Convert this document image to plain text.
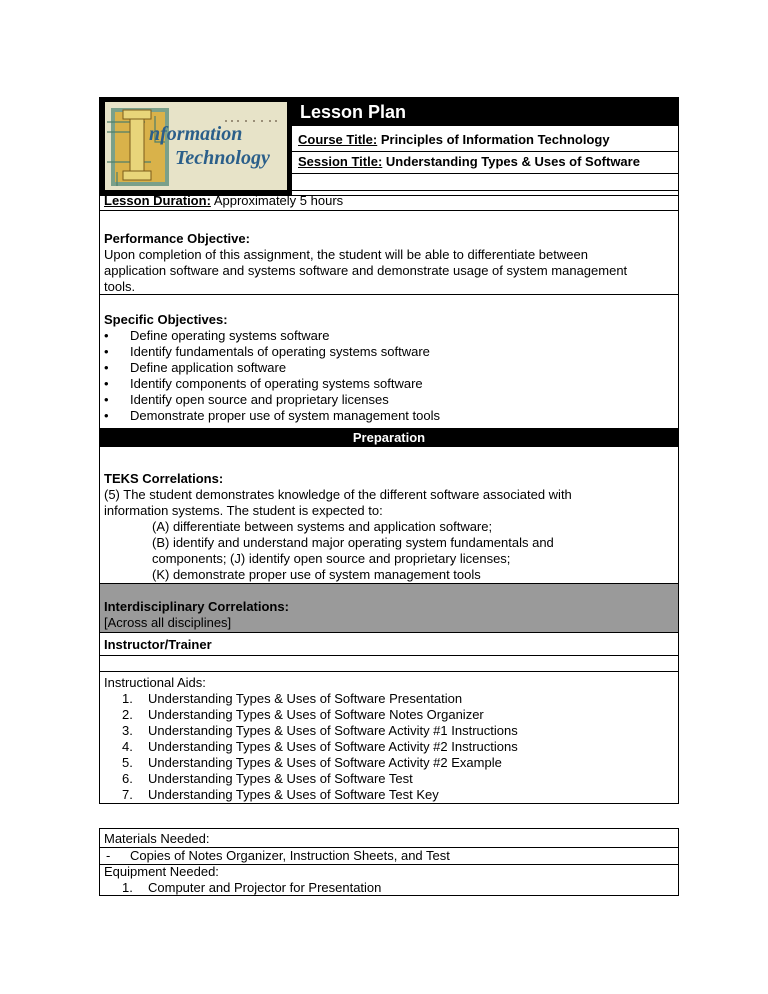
nformation
Technology
Lesson Plan
Course Title: Principles of Information Technology
Session Title: Understanding Types & Uses of Software
Lesson Duration: Approximately 5 hours
Performance Objective:
Upon completion of this assignment, the student will be able to differentiate between
application software and systems software and demonstrate usage of system management
tools.
Specific Objectives:
• Define operating systems software
• Identify fundamentals of operating systems software
• Define application software
• Identify components of operating systems software
• Identify open source and proprietary licenses
• Demonstrate proper use of system management tools
Preparation
TEKS Correlations:
(5) The student demonstrates knowledge of the different software associated with
information systems. The student is expected to:
(A) differentiate between systems and application software;
(B) identify and understand major operating system fundamentals and
components; (J) identify open source and proprietary licenses;
(K) demonstrate proper use of system management tools
Interdisciplinary Correlations:
[Across all disciplines]
Instructor/Trainer
Instructional Aids:
1. Understanding Types & Uses of Software Presentation
2. Understanding Types & Uses of Software Notes Organizer
3. Understanding Types & Uses of Software Activity #1 Instructions
4. Understanding Types & Uses of Software Activity #2 Instructions
5. Understanding Types & Uses of Software Activity #2 Example
6. Understanding Types & Uses of Software Test
7. Understanding Types & Uses of Software Test Key
Materials Needed:
- Copies of Notes Organizer, Instruction Sheets, and Test
Equipment Needed:
1. Computer and Projector for Presentation
